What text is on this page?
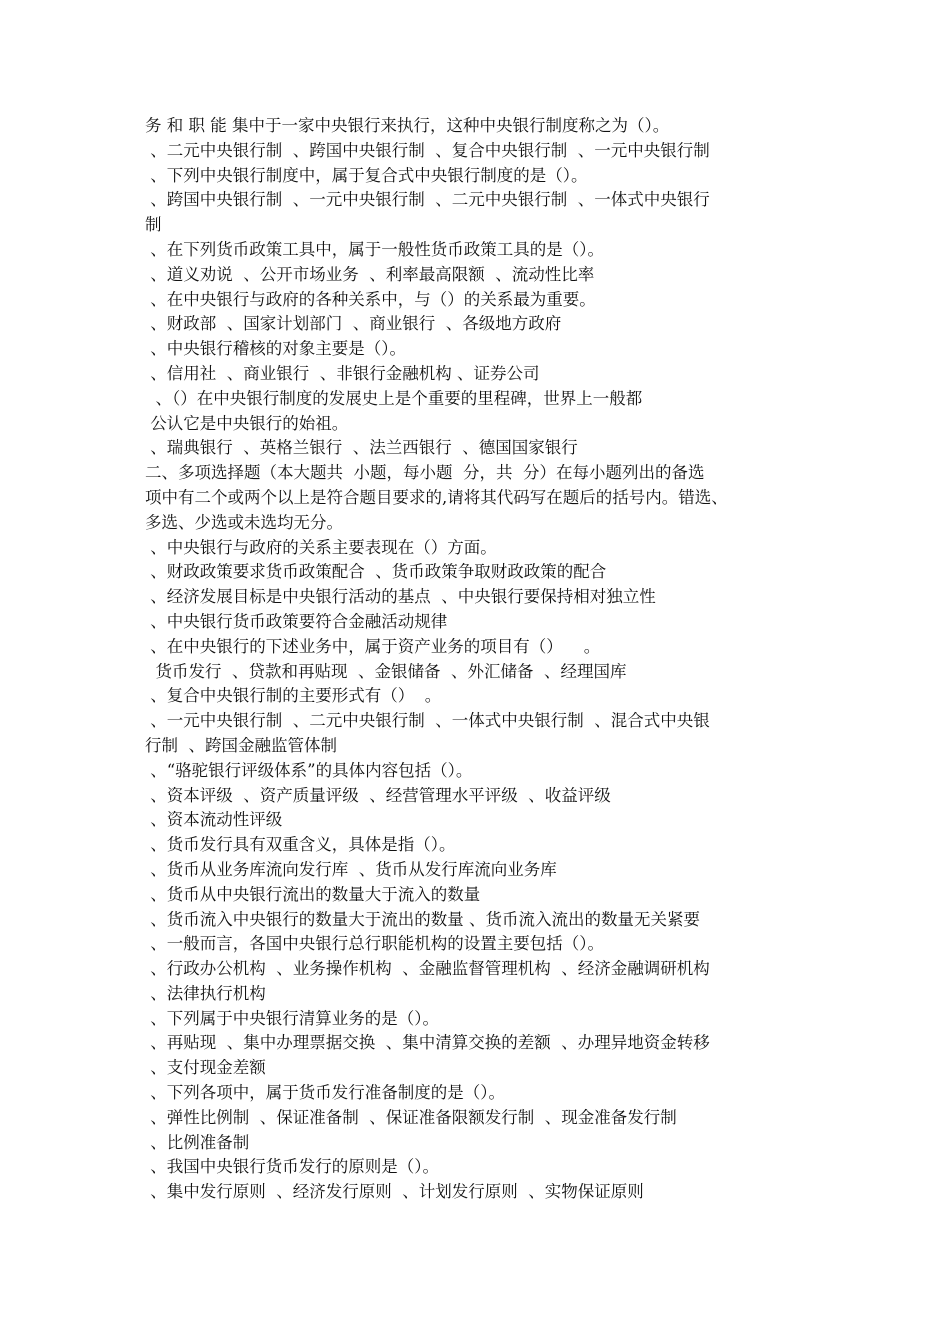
务 和 职 能 集中于一家中央银行来执行，这种中央银行制度称之为（）。
、二元中央银行制  、跨国中央银行制  、复合中央银行制  、一元中央银行制
、下列中央银行制度中，属于复合式中央银行制度的是（）。
、跨国中央银行制  、一元中央银行制  、二元中央银行制  、一体式中央银行
制
、在下列货币政策工具中，属于一般性货币政策工具的是（）。
、道义劝说  、公开市场业务  、利率最高限额  、流动性比率
、在中央银行与政府的各种关系中，与（）的关系最为重要。
、财政部  、国家计划部门  、商业银行  、各级地方政府
、中央银行稽核的对象主要是（）。
、信用社  、商业银行  、非银行金融机构 、证券公司
、（）在中央银行制度的发展史上是个重要的里程碑，世界上一般都
公认它是中央银行的始祖。
、瑞典银行  、英格兰银行  、法兰西银行  、德国国家银行
二、多项选择题（本大题共  小题，每小题  分，共  分）在每小题列出的备选
项中有二个或两个以上是符合题目要求的,请将其代码写在题后的括号内。错选、
多选、少选或未选均无分。
、中央银行与政府的关系主要表现在（）方面。
、财政政策要求货币政策配合  、货币政策争取财政政策的配合
、经济发展目标是中央银行活动的基点  、中央银行要保持相对独立性
、中央银行货币政策要符合金融活动规律
、在中央银行的下述业务中，属于资产业务的项目有（）    。
货币发行  、贷款和再贴现  、金银储备  、外汇储备  、经理国库
、复合中央银行制的主要形式有（）  。
、一元中央银行制  、二元中央银行制  、一体式中央银行制  、混合式中央银
行制  、跨国金融监管体制
、“骆驼银行评级体系”的具体内容包括（）。
、资本评级  、资产质量评级  、经营管理水平评级  、收益评级
、资本流动性评级
、货币发行具有双重含义，具体是指（）。
、货币从业务库流向发行库  、货币从发行库流向业务库
、货币从中央银行流出的数量大于流入的数量
、货币流入中央银行的数量大于流出的数量 、货币流入流出的数量无关紧要
、一般而言，各国中央银行总行职能机构的设置主要包括（）。
、行政办公机构  、业务操作机构  、金融监督管理机构  、经济金融调研机构
、法律执行机构
、下列属于中央银行清算业务的是（）。
、再贴现  、集中办理票据交换  、集中清算交换的差额  、办理异地资金转移
、支付现金差额
、下列各项中，属于货币发行准备制度的是（）。
、弹性比例制  、保证准备制  、保证准备限额发行制  、现金准备发行制
、比例准备制
、我国中央银行货币发行的原则是（）。
、集中发行原则  、经济发行原则  、计划发行原则  、实物保证原则
